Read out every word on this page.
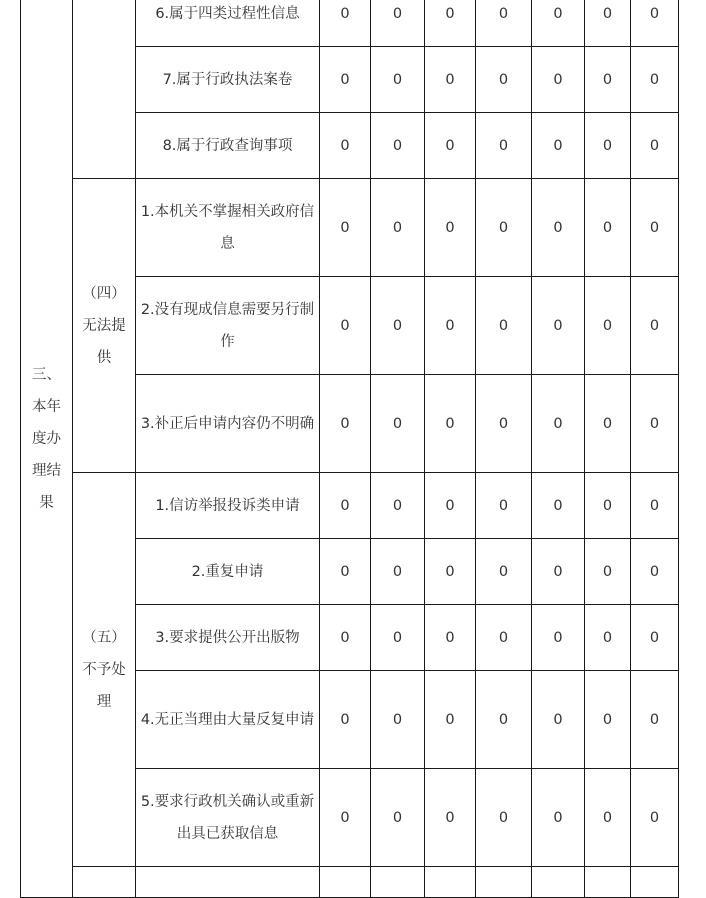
三、本年度办理结果		6.属于四类过程性信息	0	0	0	0	0	0	0
		7.属于行政执法案卷	0	0	0	0	0	0	0
		8.属于行政查询事项	0	0	0	0	0	0	0
	（四）无法提供	1.本机关不掌握相关政府信息	0	0	0	0	0	0	0
		2.没有现成信息需要另行制作	0	0	0	0	0	0	0
		3.补正后申请内容仍不明确	0	0	0	0	0	0	0
	（五）不予处理	1.信访举报投诉类申请	0	0	0	0	0	0	0
		2.重复申请	0	0	0	0	0	0	0
		3.要求提供公开出版物	0	0	0	0	0	0	0
		4.无正当理由大量反复申请	0	0	0	0	0	0	0
		5.要求行政机关确认或重新出具已获取信息	0	0	0	0	0	0	0
